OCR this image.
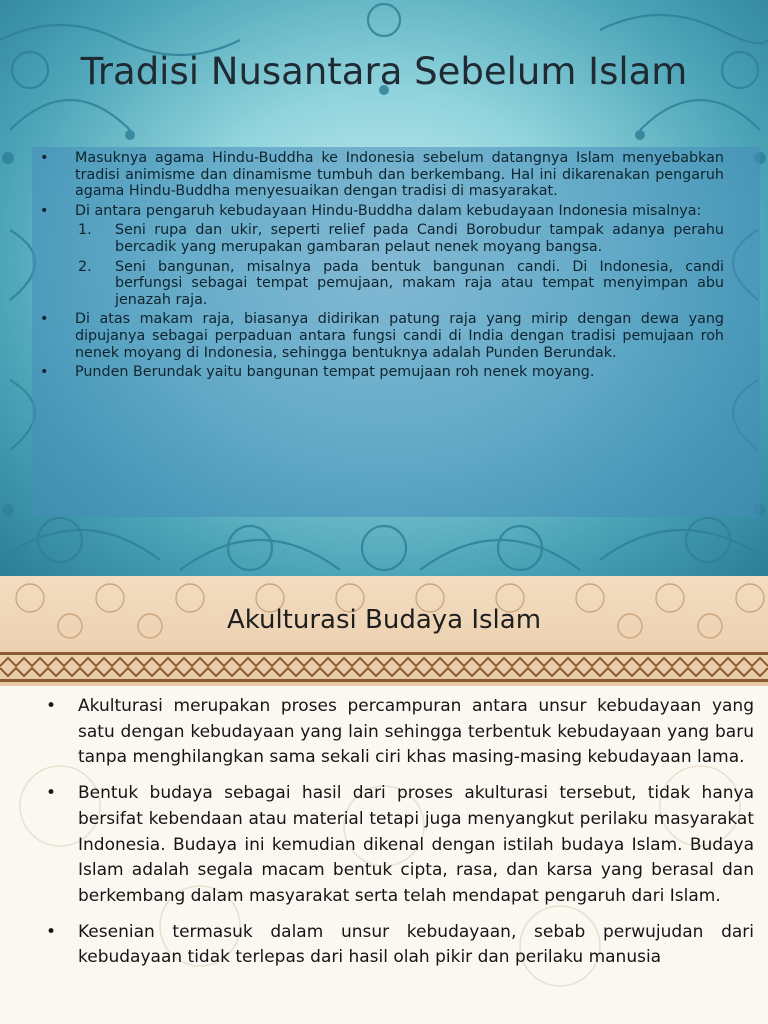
Tradisi Nusantara Sebelum Islam

• Masuknya agama Hindu-Buddha ke Indonesia sebelum datangnya Islam menyebabkan tradisi animisme dan dinamisme tumbuh dan berkembang. Hal ini dikarenakan pengaruh agama Hindu-Buddha menyesuaikan dengan tradisi di masyarakat.

• Di antara pengaruh kebudayaan Hindu-Buddha dalam kebudayaan Indonesia misalnya:

1. Seni rupa dan ukir, seperti relief pada Candi Borobudur tampak adanya perahu bercadik yang merupakan gambaran pelaut nenek moyang bangsa.

2. Seni bangunan, misalnya pada bentuk bangunan candi. Di Indonesia, candi berfungsi sebagai tempat pemujaan, makam raja atau tempat menyimpan abu jenazah raja.

• Di atas makam raja, biasanya didirikan patung raja yang mirip dengan dewa yang dipujanya sebagai perpaduan antara fungsi candi di India dengan tradisi pemujaan roh nenek moyang di Indonesia, sehingga bentuknya adalah Punden Berundak.

• Punden Berundak yaitu bangunan tempat pemujaan roh nenek moyang.

Akulturasi Budaya Islam

• Akulturasi merupakan proses percampuran antara unsur kebudayaan yang satu dengan kebudayaan yang lain sehingga terbentuk kebudayaan yang baru tanpa menghilangkan sama sekali ciri khas masing-masing kebudayaan lama.

• Bentuk budaya sebagai hasil dari proses akulturasi tersebut, tidak hanya bersifat kebendaan atau material tetapi juga menyangkut perilaku masyarakat Indonesia. Budaya ini kemudian dikenal dengan istilah budaya Islam. Budaya Islam adalah segala macam bentuk cipta, rasa, dan karsa yang berasal dan berkembang dalam masyarakat serta telah mendapat pengaruh dari Islam.

• Kesenian termasuk dalam unsur kebudayaan, sebab perwujudan dari kebudayaan tidak terlepas dari hasil olah pikir dan perilaku manusia
